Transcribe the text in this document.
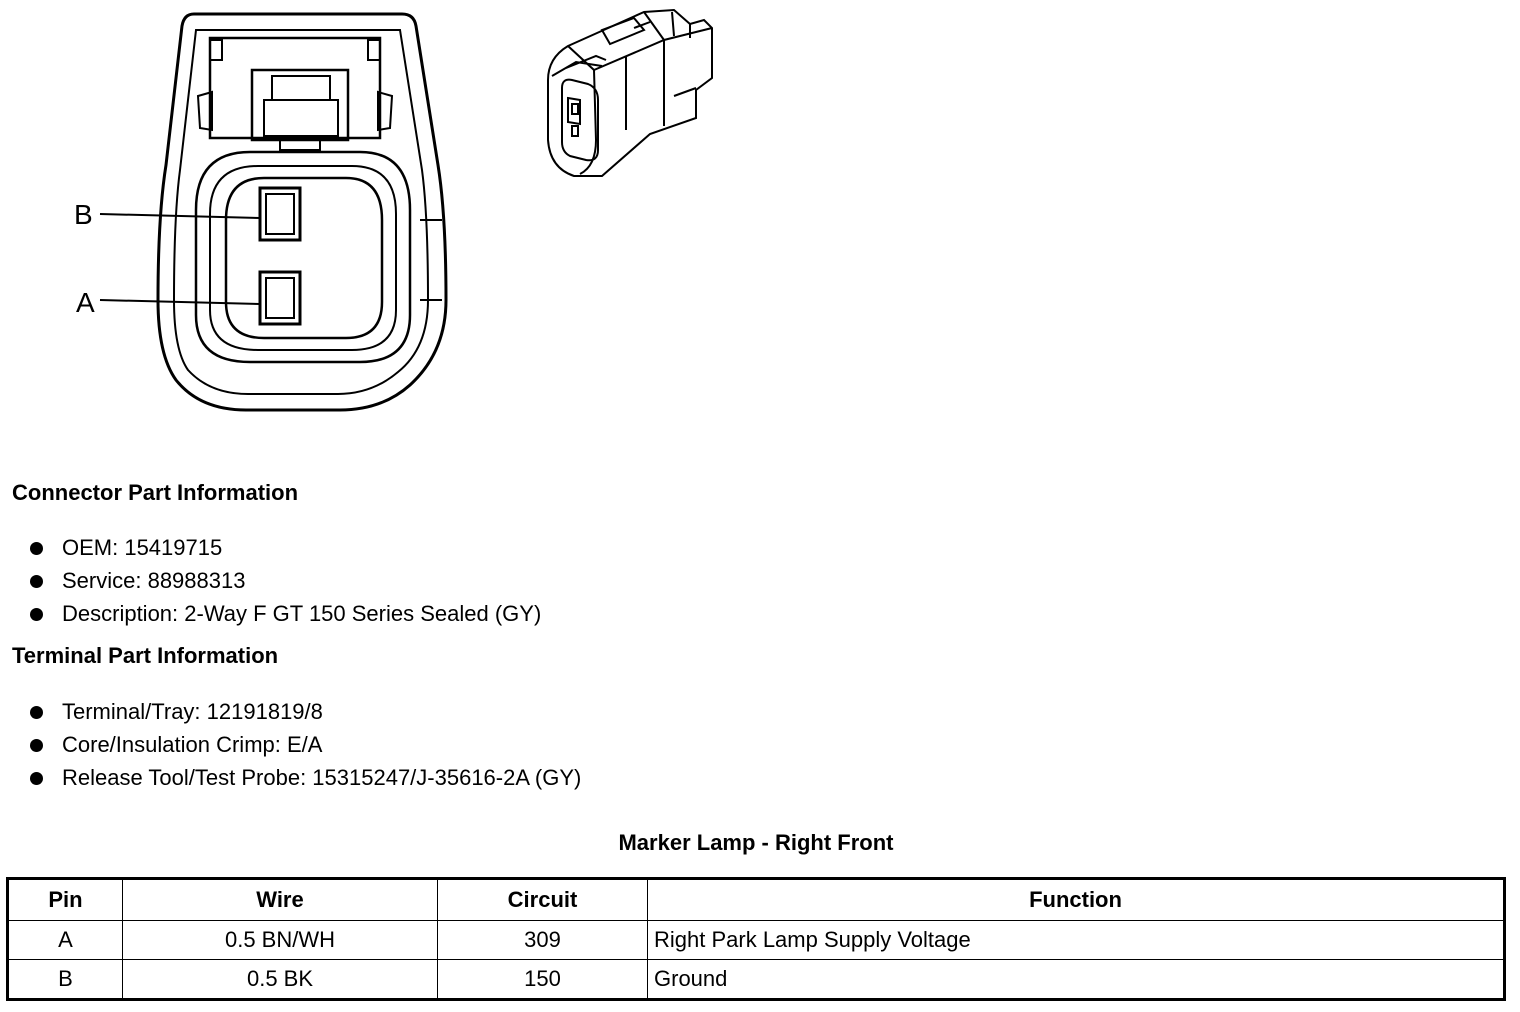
B
A
Connector Part Information
OEM: 15419715
Service: 88988313
Description: 2-Way F GT 150 Series Sealed (GY)
Terminal Part Information
Terminal/Tray: 12191819/8
Core/Insulation Crimp: E/A
Release Tool/Test Probe: 15315247/J-35616-2A (GY)
Marker Lamp - Right Front
Pin	Wire	Circuit	Function
A	0.5 BN/WH	309	Right Park Lamp Supply Voltage
B	0.5 BK	150	Ground
